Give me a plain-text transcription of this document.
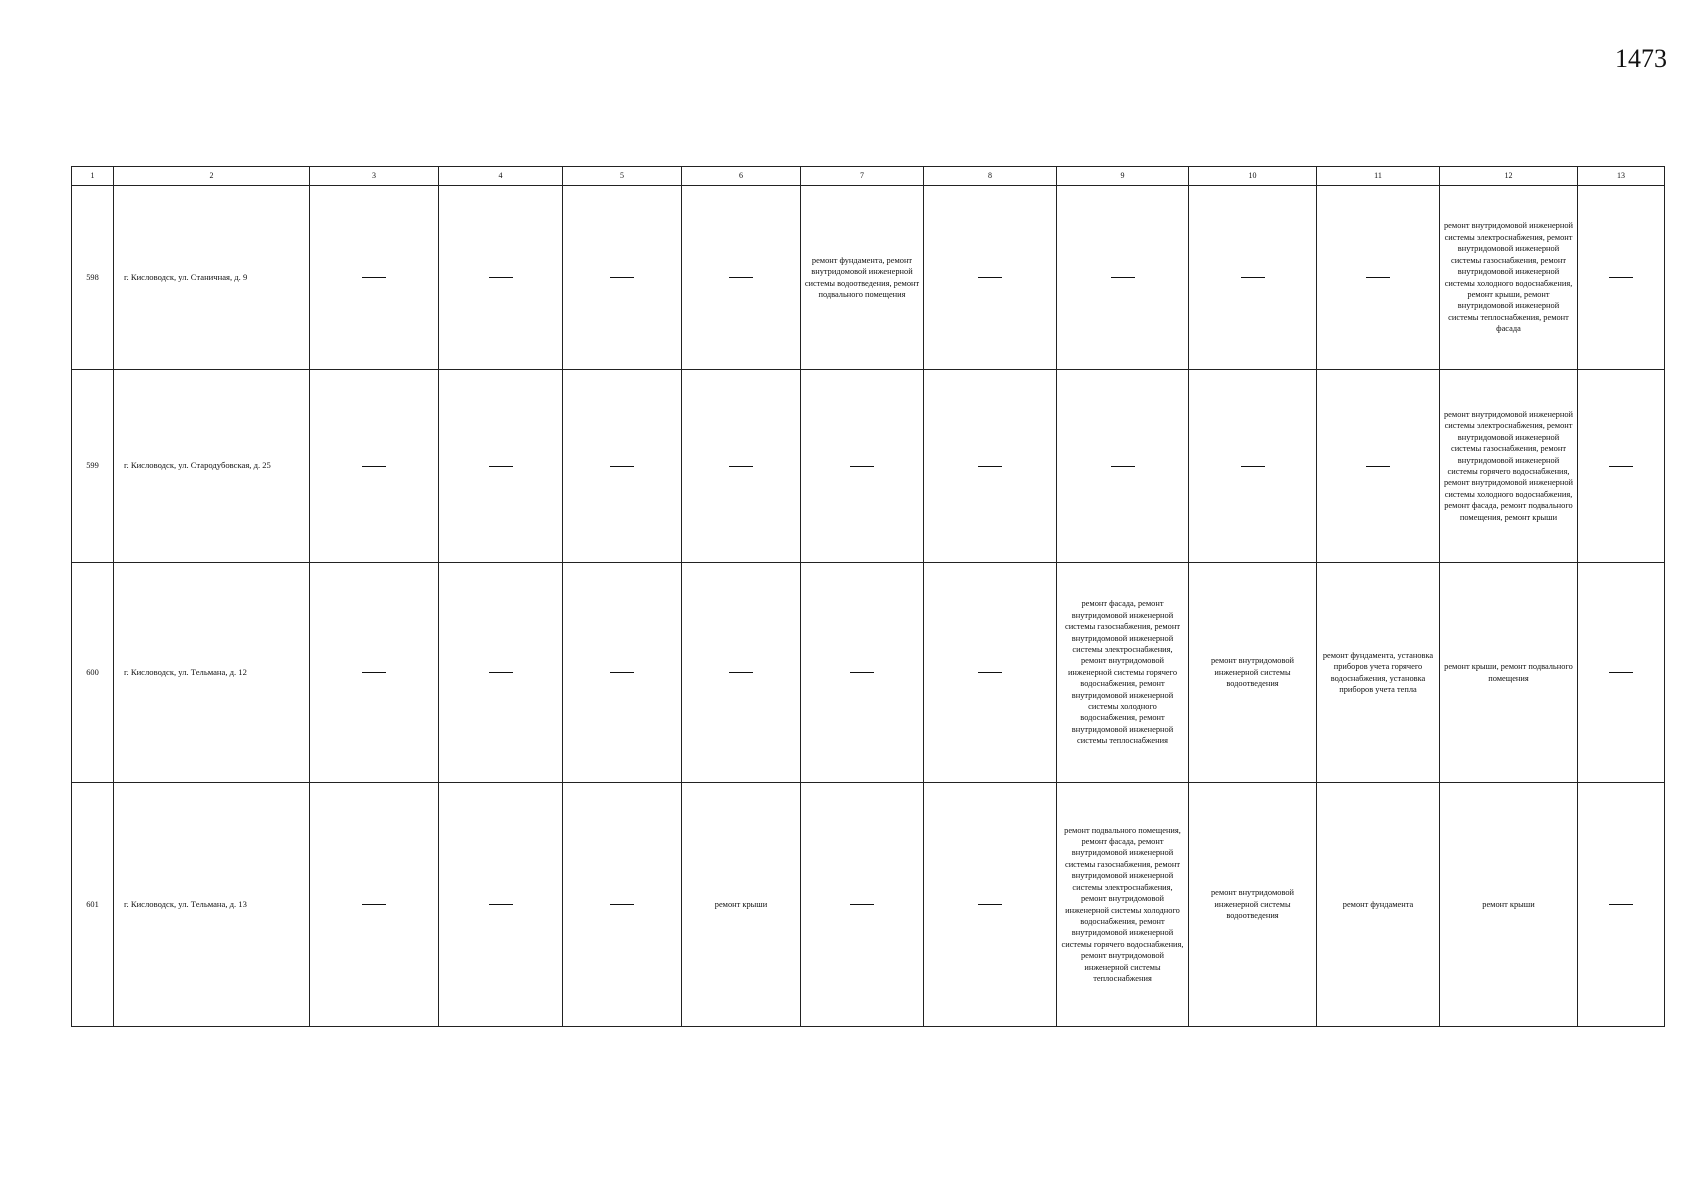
1473
1	2	3	4	5	6	7	8	9	10	11	12	13
598	г. Кисловодск, ул. Станичная, д. 9					ремонт фундамента, ремонт внутридомовой инженерной системы водоотведения, ремонт подвального помещения					ремонт внутридомовой инженерной системы электроснабжения, ремонт внутридомовой инженерной системы газоснабжения, ремонт внутридомовой инженерной системы холодного водоснабжения, ремонт крыши, ремонт внутридомовой инженерной системы теплоснабжения, ремонт фасада	
599	г. Кисловодск, ул. Стародубовская, д. 25										ремонт внутридомовой инженерной системы электроснабжения, ремонт внутридомовой инженерной системы газоснабжения, ремонт внутридомовой инженерной системы горячего водоснабжения, ремонт внутридомовой инженерной системы холодного водоснабжения, ремонт фасада, ремонт подвального помещения, ремонт крыши	
600	г. Кисловодск, ул. Тельмана, д. 12							ремонт фасада, ремонт внутридомовой инженерной системы газоснабжения, ремонт внутридомовой инженерной системы электроснабжения, ремонт внутридомовой инженерной системы горячего водоснабжения, ремонт внутридомовой инженерной системы холодного водоснабжения, ремонт внутридомовой инженерной системы теплоснабжения	ремонт внутридомовой инженерной системы водоотведения	ремонт фундамента, установка приборов учета горячего водоснабжения, установка приборов учета тепла	ремонт крыши, ремонт подвального помещения	
601	г. Кисловодск, ул. Тельмана, д. 13				ремонт крыши			ремонт подвального помещения, ремонт фасада, ремонт внутридомовой инженерной системы газоснабжения, ремонт внутридомовой инженерной системы электроснабжения, ремонт внутридомовой инженерной системы холодного водоснабжения, ремонт внутридомовой инженерной системы горячего водоснабжения, ремонт внутридомовой инженерной системы теплоснабжения	ремонт внутридомовой инженерной системы водоотведения	ремонт фундамента	ремонт крыши	
